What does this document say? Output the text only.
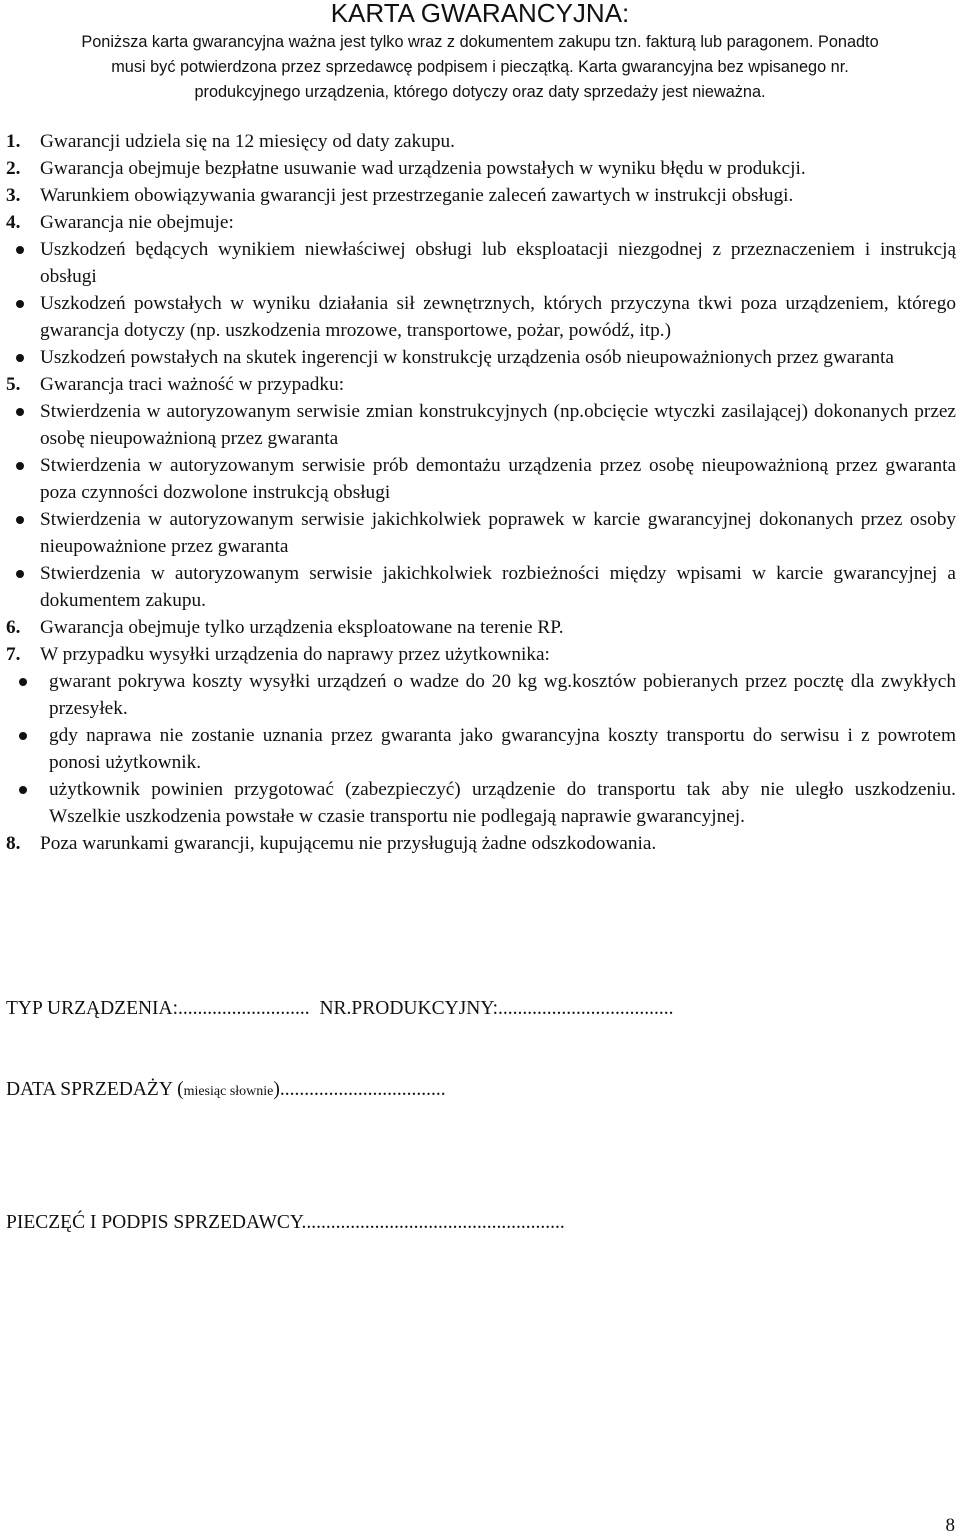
KARTA GWARANCYJNA:
Poniższa karta gwarancyjna ważna jest tylko wraz z dokumentem zakupu tzn. fakturą lub paragonem. Ponadto
musi być potwierdzona przez sprzedawcę podpisem i pieczątką. Karta gwarancyjna bez wpisanego nr.
produkcyjnego urządzenia, którego dotyczy oraz daty sprzedaży jest nieważna.
1. Gwarancji udziela się na 12 miesięcy od daty zakupu.
2. Gwarancja obejmuje bezpłatne usuwanie wad urządzenia powstałych w wyniku błędu w produkcji.
3. Warunkiem obowiązywania gwarancji jest przestrzeganie zaleceń zawartych w instrukcji obsługi.
4. Gwarancja nie obejmuje:
Uszkodzeń będących wynikiem niewłaściwej obsługi lub eksploatacji niezgodnej z przeznaczeniem i instrukcją obsługi
Uszkodzeń powstałych w wyniku działania sił zewnętrznych, których przyczyna tkwi poza urządzeniem, którego gwarancja dotyczy (np. uszkodzenia mrozowe, transportowe, pożar, powódź, itp.)
Uszkodzeń powstałych na skutek ingerencji w konstrukcję urządzenia osób nieupoważnionych przez gwaranta
5. Gwarancja traci ważność w przypadku:
Stwierdzenia w autoryzowanym serwisie zmian konstrukcyjnych (np.obcięcie wtyczki zasilającej) dokonanych przez osobę nieupoważnioną przez gwaranta
Stwierdzenia w autoryzowanym serwisie prób demontażu urządzenia przez osobę nieupoważnioną przez gwaranta poza czynności dozwolone instrukcją obsługi
Stwierdzenia w autoryzowanym serwisie jakichkolwiek poprawek w karcie gwarancyjnej dokonanych przez osoby nieupoważnione przez gwaranta
Stwierdzenia w autoryzowanym serwisie jakichkolwiek rozbieżności między wpisami w karcie gwarancyjnej a dokumentem zakupu.
6. Gwarancja obejmuje tylko urządzenia eksploatowane na terenie RP.
7. W przypadku wysyłki urządzenia do naprawy przez użytkownika:
gwarant pokrywa koszty wysyłki urządzeń o wadze do 20 kg wg.kosztów pobieranych przez pocztę dla zwykłych przesyłek.
gdy naprawa nie zostanie uznania przez gwaranta jako gwarancyjna koszty transportu do serwisu i z powrotem ponosi użytkownik.
użytkownik powinien przygotować (zabezpieczyć) urządzenie do transportu tak aby nie uległo uszkodzeniu. Wszelkie uszkodzenia powstałe w czasie transportu nie podlegają naprawie gwarancyjnej.
8. Poza warunkami gwarancji, kupującemu nie przysługują żadne odszkodowania.
TYP URZĄDZENIA:........................... NR.PRODUKCYJNY:....................................
DATA SPRZEDAŻY (miesiąc słownie)..................................
PIECZĘĆ I PODPIS SPRZEDAWCY......................................................
8
